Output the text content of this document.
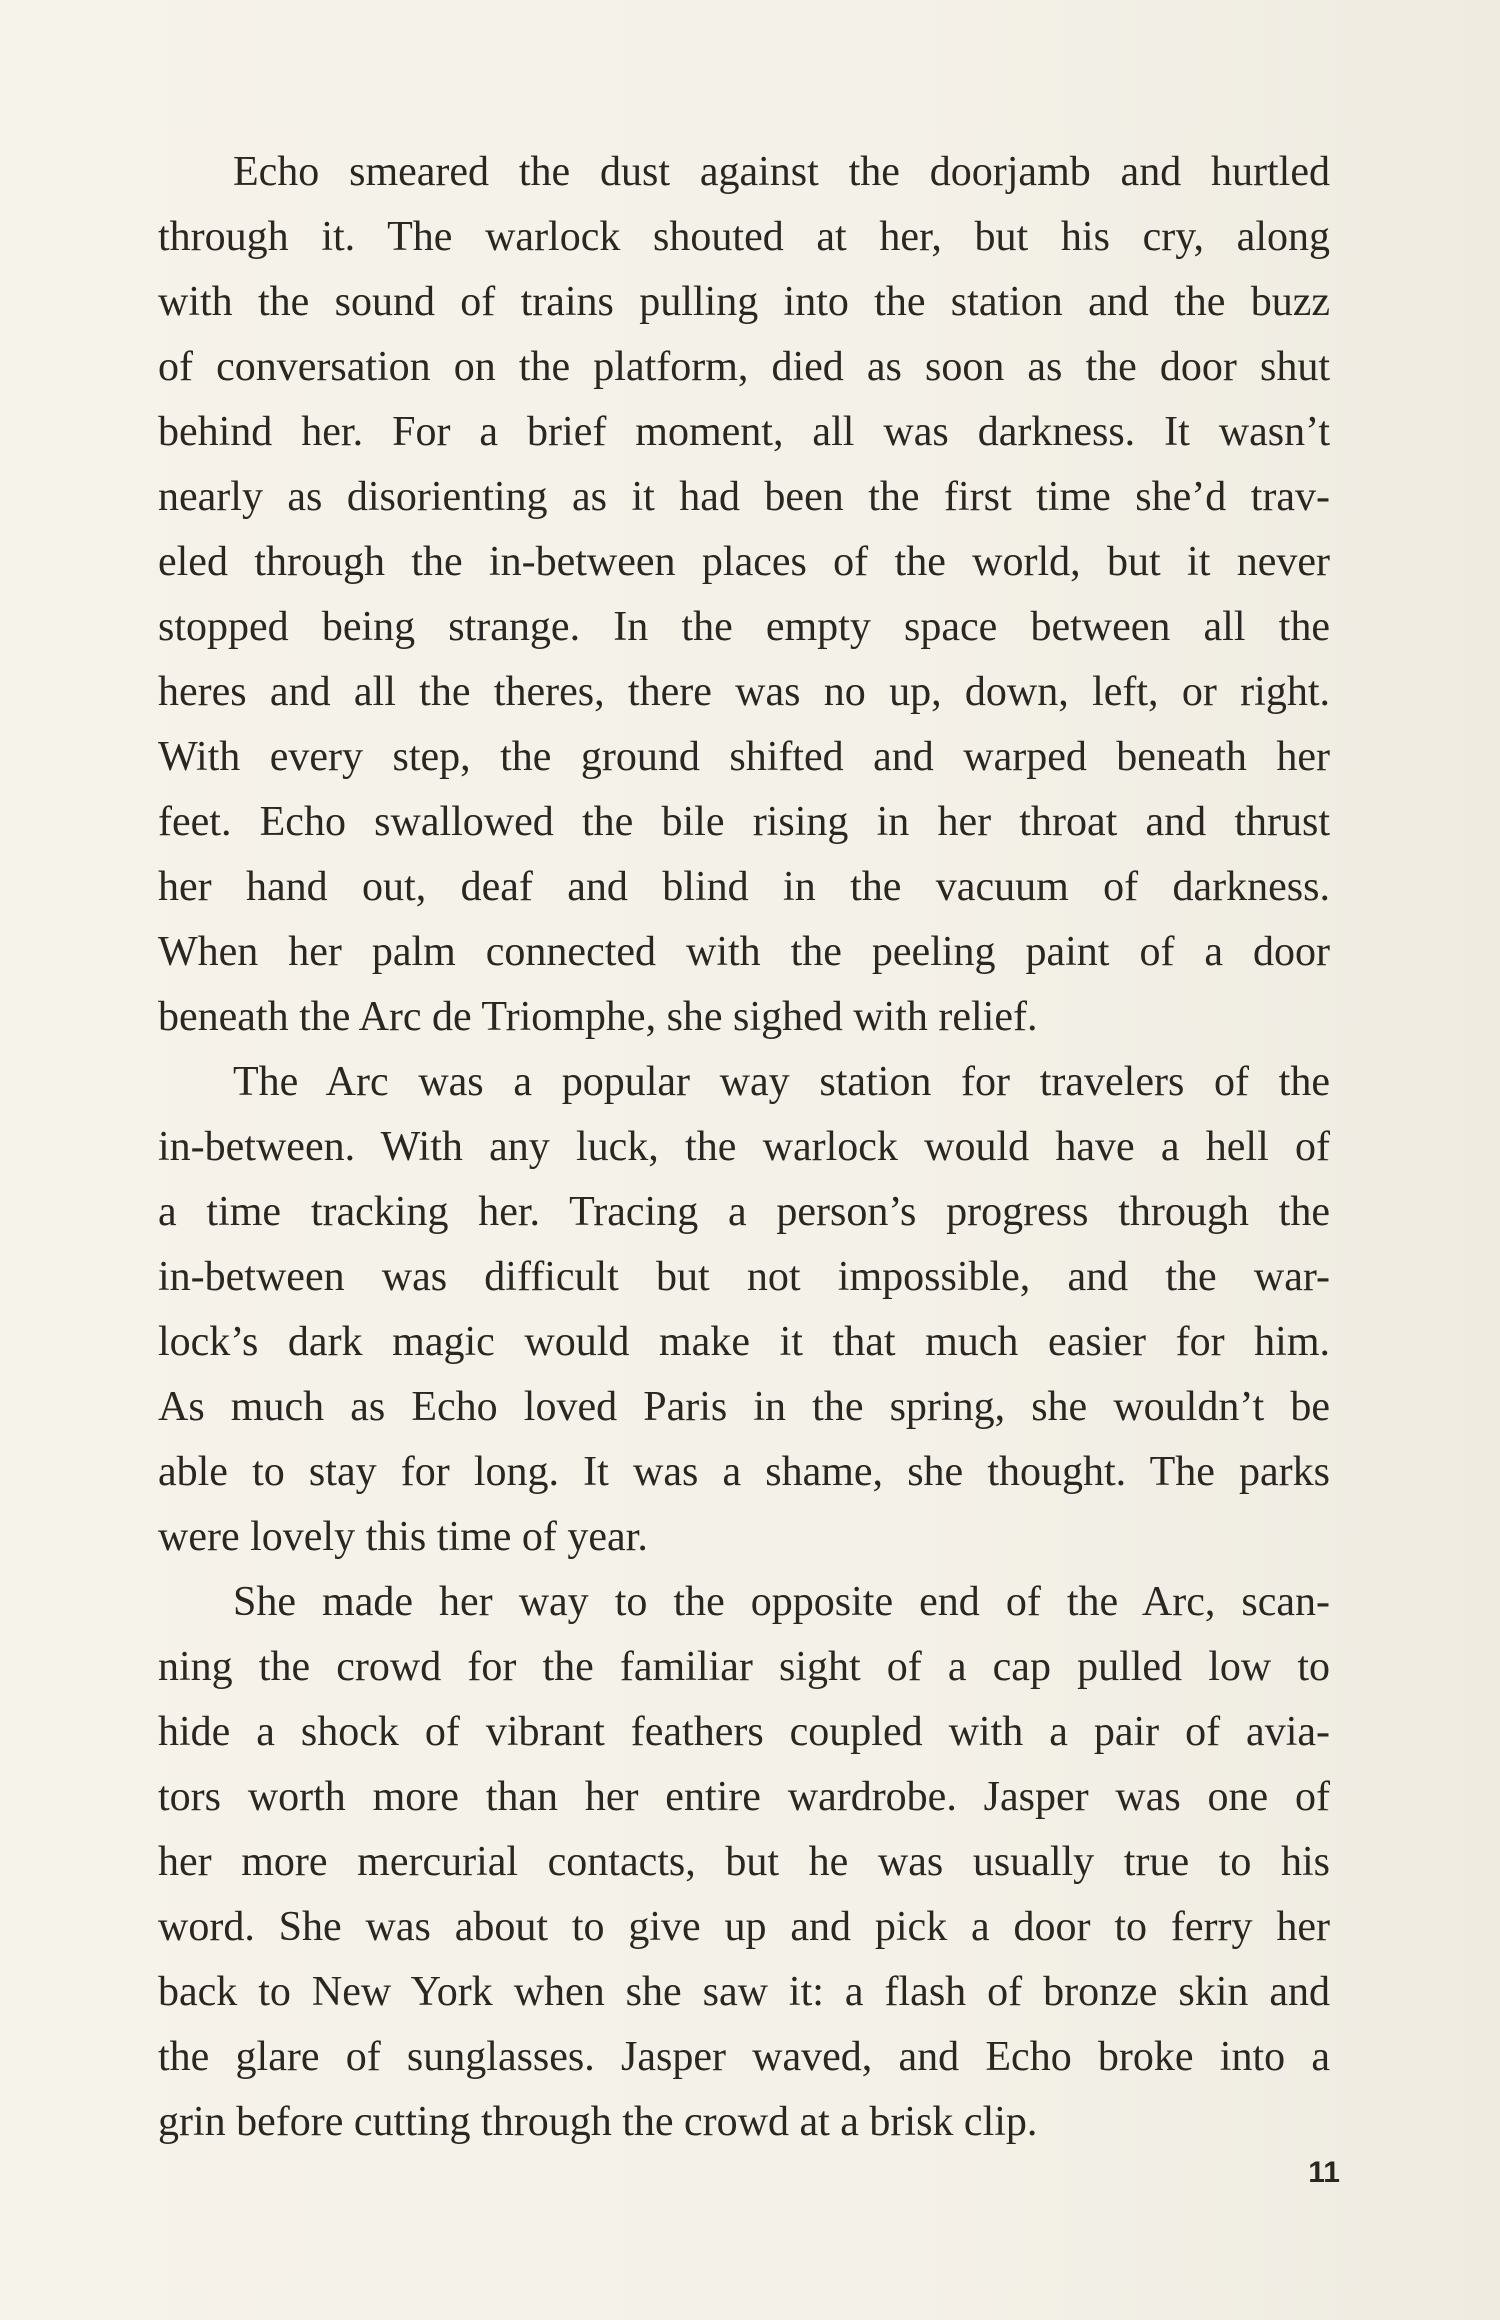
Echo smeared the dust against the doorjamb and hurtled
through it. The warlock shouted at her, but his cry, along
with the sound of trains pulling into the station and the buzz
of conversation on the platform, died as soon as the door shut
behind her. For a brief moment, all was darkness. It wasn’t
nearly as disorienting as it had been the first time she’d trav-
eled through the in-between places of the world, but it never
stopped being strange. In the empty space between all the
heres and all the theres, there was no up, down, left, or right.
With every step, the ground shifted and warped beneath her
feet. Echo swallowed the bile rising in her throat and thrust
her hand out, deaf and blind in the vacuum of darkness.
When her palm connected with the peeling paint of a door
beneath the Arc de Triomphe, she sighed with relief.
The Arc was a popular way station for travelers of the
in-between. With any luck, the warlock would have a hell of
a time tracking her. Tracing a person’s progress through the
in-between was difficult but not impossible, and the war-
lock’s dark magic would make it that much easier for him.
As much as Echo loved Paris in the spring, she wouldn’t be
able to stay for long. It was a shame, she thought. The parks
were lovely this time of year.
She made her way to the opposite end of the Arc, scan-
ning the crowd for the familiar sight of a cap pulled low to
hide a shock of vibrant feathers coupled with a pair of avia-
tors worth more than her entire wardrobe. Jasper was one of
her more mercurial contacts, but he was usually true to his
word. She was about to give up and pick a door to ferry her
back to New York when she saw it: a flash of bronze skin and
the glare of sunglasses. Jasper waved, and Echo broke into a
grin before cutting through the crowd at a brisk clip.
11
